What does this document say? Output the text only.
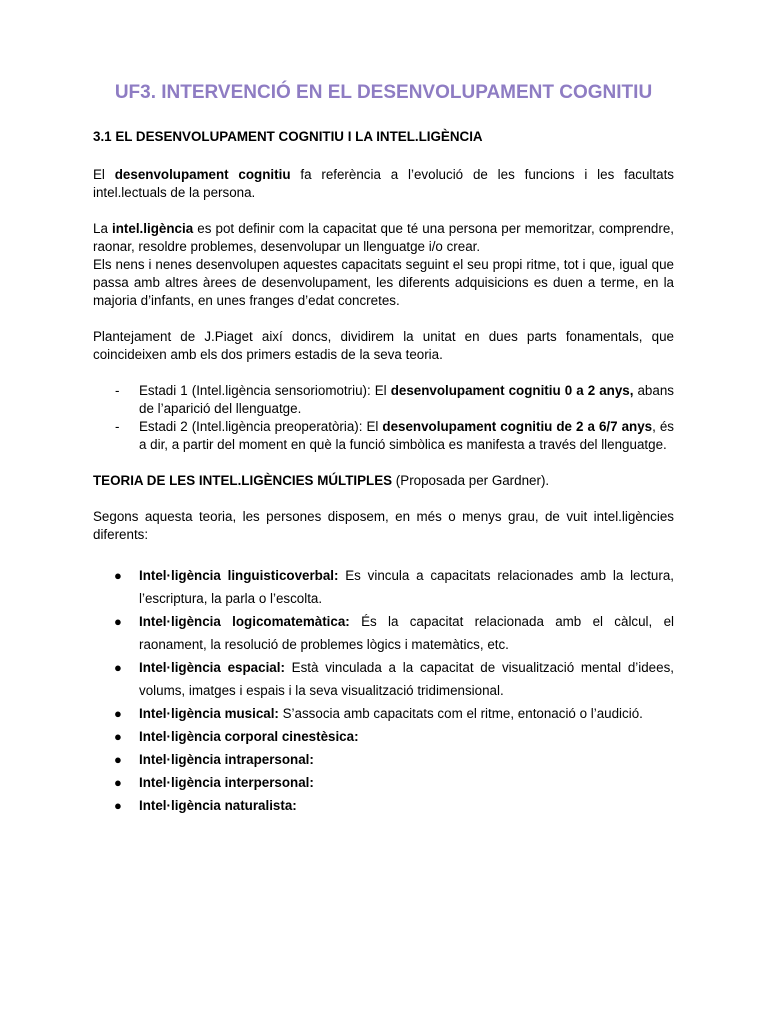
UF3. INTERVENCIÓ EN EL DESENVOLUPAMENT COGNITIU
3.1 EL DESENVOLUPAMENT COGNITIU I LA INTEL.LIGÈNCIA

El desenvolupament cognitiu fa referència a l’evolució de les funcions i les facultats intel.lectuals de la persona.

La intel.ligència es pot definir com la capacitat que té una persona per memoritzar, comprendre, raonar, resoldre problemes, desenvolupar un llenguatge i/o crear.

Els nens i nenes desenvolupen aquestes capacitats seguint el seu propi ritme, tot i que, igual que passa amb altres àrees de desenvolupament, les diferents adquisicions es duen a terme, en la majoria d’infants, en unes franges d’edat concretes.

Plantejament de J.Piaget així doncs, dividirem la unitat en dues parts fonamentals, que coincideixen amb els dos primers estadis de la seva teoria.

- Estadi 1 (Intel.ligència sensoriomotriu): El desenvolupament cognitiu 0 a 2 anys, abans de l’aparició del llenguatge.
- Estadi 2 (Intel.ligència preoperatòria): El desenvolupament cognitiu de 2 a 6/7 anys, és a dir, a partir del moment en què la funció simbòlica es manifesta a través del llenguatge.

TEORIA DE LES INTEL.LIGÈNCIES MÚLTIPLES (Proposada per Gardner).

Segons aquesta teoria, les persones disposem, en més o menys grau, de vuit intel.ligències diferents:

● Intel·ligència linguisticoverbal: Es vincula a capacitats relacionades amb la lectura, l’escriptura, la parla o l’escolta.
● Intel·ligència logicomatemàtica: És la capacitat relacionada amb el càlcul, el raonament, la resolució de problemes lògics i matemàtics, etc.
● Intel·ligència espacial: Està vinculada a la capacitat de visualització mental d’idees, volums, imatges i espais i la seva visualització tridimensional.
● Intel·ligència musical: S’associa amb capacitats com el ritme, entonació o l’audició.
● Intel·ligència corporal cinestèsica:
● Intel·ligència intrapersonal:
● Intel·ligència interpersonal:
● Intel·ligència naturalista:
